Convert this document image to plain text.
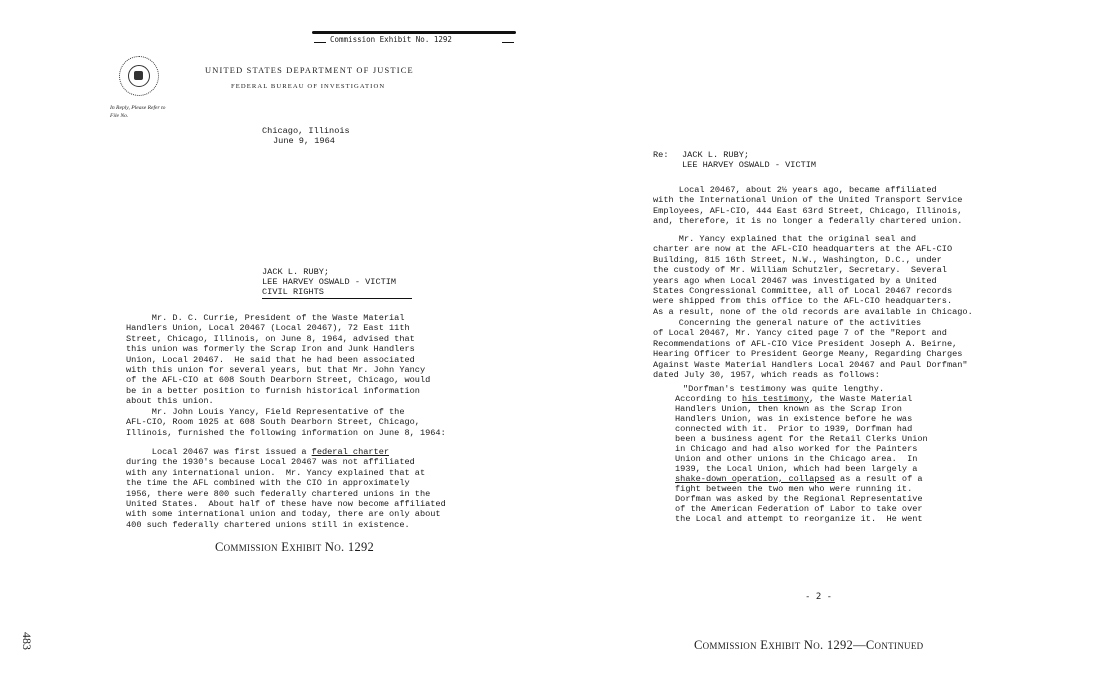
Commission Exhibit No. 1292
UNITED STATES DEPARTMENT OF JUSTICE
FEDERAL BUREAU OF INVESTIGATION
In Reply, Please Refer to
File No.
Chicago, Illinois
June 9, 1964
JACK L. RUBY;
LEE HARVEY OSWALD - VICTIM
CIVIL RIGHTS
Mr. D. C. Currie, President of the Waste Material
Handlers Union, Local 20467 (Local 20467), 72 East 11th
Street, Chicago, Illinois, on June 8, 1964, advised that
this union was formerly the Scrap Iron and Junk Handlers
Union, Local 20467.  He said that he had been associated
with this union for several years, but that Mr. John Yancy
of the AFL-CIO at 608 South Dearborn Street, Chicago, would
be in a better position to furnish historical information
about this union.
Mr. John Louis Yancy, Field Representative of the
AFL-CIO, Room 1025 at 608 South Dearborn Street, Chicago,
Illinois, furnished the following information on June 8, 1964:
Local 20467 was first issued a federal charter
during the 1930's because Local 20467 was not affiliated
with any international union.  Mr. Yancy explained that at
the time the AFL combined with the CIO in approximately
1956, there were 800 such federally chartered unions in the
United States.  About half of these have now become affiliated
with some international union and today, there are only about
400 such federally chartered unions still in existence.
Commission Exhibit No. 1292
483
Re: JACK L. RUBY;
LEE HARVEY OSWALD - VICTIM
Local 20467, about 2½ years ago, became affiliated
with the International Union of the United Transport Service
Employees, AFL-CIO, 444 East 63rd Street, Chicago, Illinois,
and, therefore, it is no longer a federally chartered union.
Mr. Yancy explained that the original seal and
charter are now at the AFL-CIO headquarters at the AFL-CIO
Building, 815 16th Street, N.W., Washington, D.C., under
the custody of Mr. William Schutzler, Secretary.  Several
years ago when Local 20467 was investigated by a United
States Congressional Committee, all of Local 20467 records
were shipped from this office to the AFL-CIO headquarters.
As a result, none of the old records are available in Chicago.
Concerning the general nature of the activities
of Local 20467, Mr. Yancy cited page 7 of the "Report and
Recommendations of AFL-CIO Vice President Joseph A. Beirne,
Hearing Officer to President George Meany, Regarding Charges
Against Waste Material Handlers Local 20467 and Paul Dorfman"
dated July 30, 1957, which reads as follows:
"Dorfman's testimony was quite lengthy.
According to his testimony, the Waste Material
Handlers Union, then known as the Scrap Iron
Handlers Union, was in existence before he was
connected with it.  Prior to 1939, Dorfman had
been a business agent for the Retail Clerks Union
in Chicago and had also worked for the Painters
Union and other unions in the Chicago area.  In
1939, the Local Union, which had been largely a
shake-down operation, collapsed as a result of a
fight between the two men who were running it.
Dorfman was asked by the Regional Representative
of the American Federation of Labor to take over
the Local and attempt to reorganize it.  He went
- 2 -
Commission Exhibit No. 1292—Continued
